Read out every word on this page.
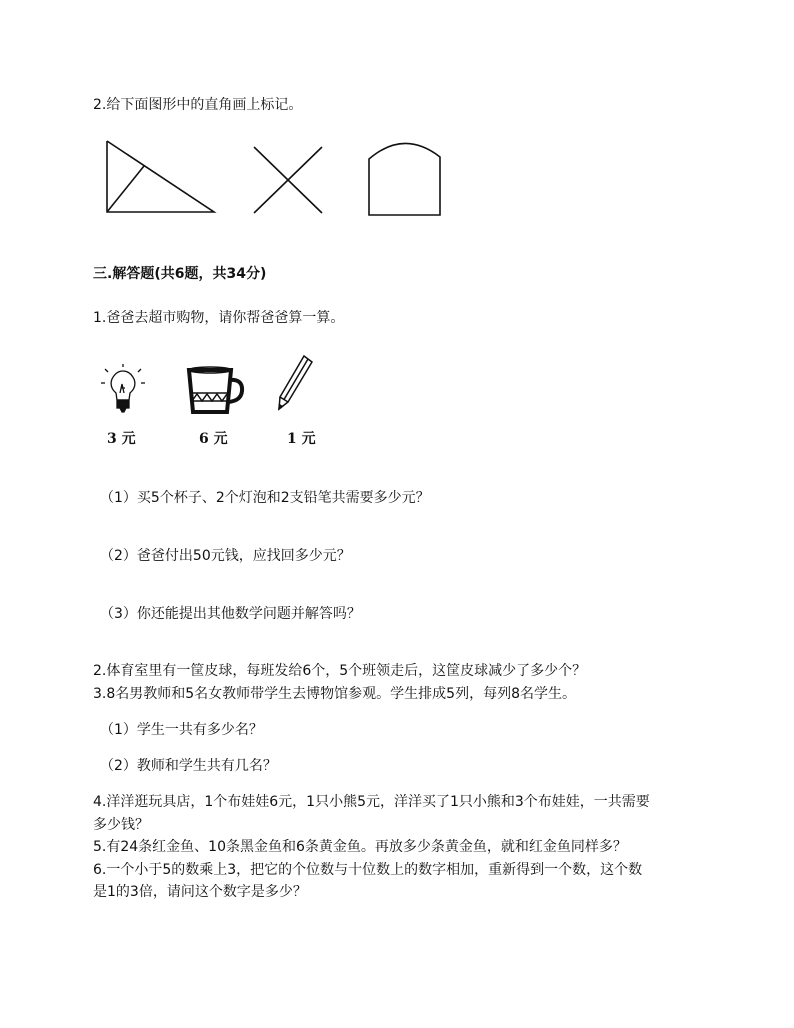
2.给下面图形中的直角画上标记。
三.解答题(共6题，共34分)
1.爸爸去超市购物，请你帮爸爸算一算。
3 元	6 元	1 元
（1）买5个杯子、2个灯泡和2支铅笔共需要多少元？
（2）爸爸付出50元钱，应找回多少元？
（3）你还能提出其他数学问题并解答吗？
2.体育室里有一筐皮球，每班发给6个，5个班领走后，这筐皮球减少了多少个？
3.8名男教师和5名女教师带学生去博物馆参观。学生排成5列，每列8名学生。
（1）学生一共有多少名？
（2）教师和学生共有几名？
4.洋洋逛玩具店，1个布娃娃6元，1只小熊5元，洋洋买了1只小熊和3个布娃娃，一共需要
多少钱？
5.有24条红金鱼、10条黑金鱼和6条黄金鱼。再放多少条黄金鱼，就和红金鱼同样多？
6.一个小于5的数乘上3，把它的个位数与十位数上的数字相加，重新得到一个数，这个数
是1的3倍，请问这个数字是多少？
